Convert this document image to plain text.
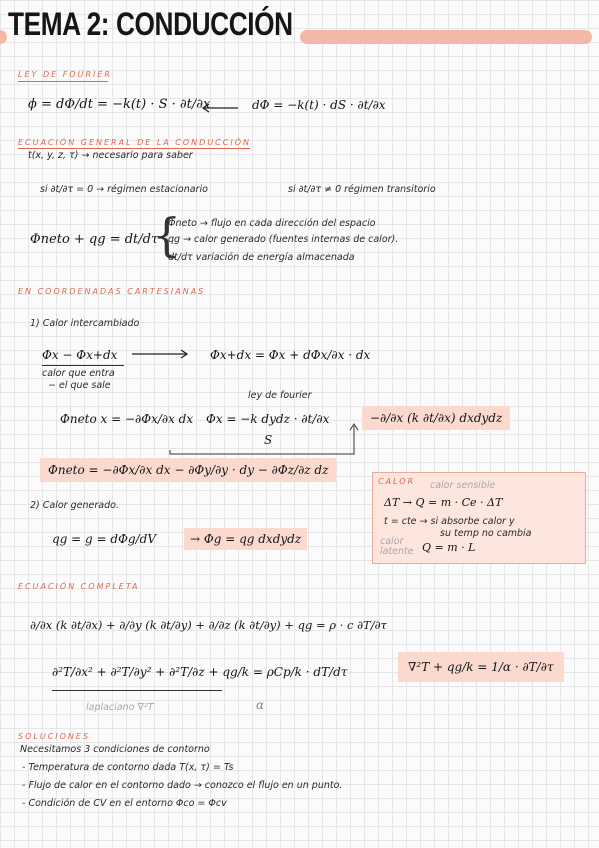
TEMA 2: CONDUCCIÓN
LEY DE FOURIER
ϕ = dΦ/dt = −k(t) · S · ∂t/∂x	dΦ = −k(t) · dS · ∂t/∂x
ECUACIÓN GENERAL DE LA CONDUCCIÓN
t(x, y, z, τ) → necesario para saber
si ∂t/∂τ = 0 → régimen estacionario	si ∂t/∂τ ≠ 0 régimen transitorio
Φneto + qg = dt/dτ
{
Φneto → flujo en cada dirección del espacio
qg → calor generado (fuentes internas de calor).
dt/dτ variación de energía almacenada
EN COORDENADAS CARTESIANAS
1) Calor intercambiado
Φx − Φx+dx	Φx+dx = Φx + dΦx/∂x · dx
calor que entra
− el que sale
ley de fourier
Φneto x = −∂Φx/∂x dx Φx = −k dydz · ∂t/∂x
S
−∂/∂x (k ∂t/∂x) dxdydz
Φneto = −∂Φx/∂x dx − ∂Φy/∂y · dy − ∂Φz/∂z dz
2) Calor generado.
qg = g = dΦg/dV	→ Φg = qg dxdydz
CALOR calor sensible
ΔT → Q = m · Ce · ΔT
t = cte → si absorbe calor y
su temp no cambia
calor
latente Q = m · L
ECUACIÓN COMPLETA
∂/∂x (k ∂t/∂x) + ∂/∂y (k ∂t/∂y) + ∂/∂z (k ∂t/∂y) + qg = ρ · c ∂T/∂τ
∂²T/∂x² + ∂²T/∂y² + ∂²T/∂z + qg/k = ρCp/k · dT/dτ
laplaciano ∇²T	α
∇²T + qg/k = 1/α · ∂T/∂τ
SOLUCIONES
Necesitamos 3 condiciones de contorno
- Temperatura de contorno dada T(x, τ) = Ts
- Flujo de calor en el contorno dado → conozco el flujo en un punto.
- Condición de CV en el entorno Φco = Φcv
